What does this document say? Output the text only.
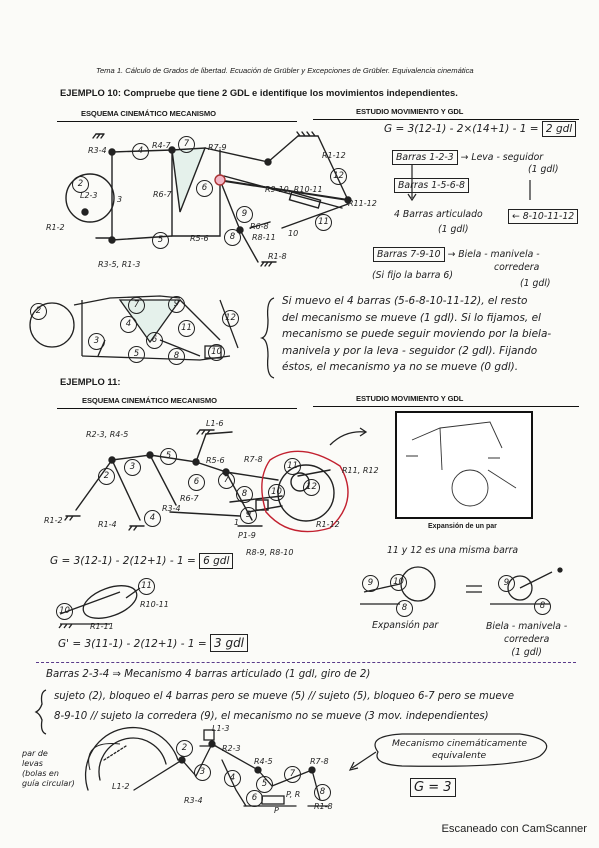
Tema 1. Cálculo de Grados de libertad. Ecuación de Grübler y Excepciones de Grübler. Equivalencia cinemática
EJEMPLO 10: Compruebe que tiene 2 GDL e identifique los movimientos independientes.
ESQUEMA CINEMÁTICO MECANISMO	ESTUDIO MOVIMIENTO Y GDL
R3-4	4
R4-7	7	R7-9
R1-12
12
2
L2-3 3
R6-7
6	R9-10, R10-11
R11-12
R1-2
5	R5-6
R6-8
R8-11
8	10
11
R3-5, R1-3
R1-8
9
G = 3(12-1) - 2×(14+1) - 1 = 2 gdl
Barras 1-2-3 → Leva - seguidor
(1 gdl)
Barras 1-5-6-8
4 Barras articulado	← 8-10-11-12
(1 gdl)
Barras 7-9-10 → Biela - manivela -
corredera
(Si fijo la barra 6)
(1 gdl)
2
3
4
5
6
7
8
9
10
11
12
Si muevo el 4 barras (5-6-8-10-11-12), el resto
del mecanismo se mueve (1 gdl). Si lo fijamos, el
mecanismo se puede seguir moviendo por la biela-
manivela y por la leva - seguidor (2 gdl). Fijando
éstos, el mecanismo ya no se mueve (0 gdl).
EJEMPLO 11:
ESQUEMA CINEMÁTICO MECANISMO	ESTUDIO MOVIMIENTO Y GDL
R2-3, R4-5
L1-6
3
5	R5-6 R7-8
11	R11, R12
2
6	12
4
R6-7
R3-4
R1-2	R1-4
P1-9
R1-12
R8-9, R8-10
7
8
9
10
1	Expansión de un par
11 y 12 es una misma barra
9	10
8
9
8
Expansión par	Biela - manivela -
corredera
(1 gdl)
G = 3(12-1) - 2(12+1) - 1 = 6 gdl
11
10
R10-11
R1-11
G' = 3(11-1) - 2(12+1) - 1 = 3 gdl
Barras 2-3-4 ⇒ Mecanismo 4 barras articulado (1 gdl, giro de 2)
sujeto (2), bloqueo el 4 barras pero se mueve (5) // sujeto (5), bloqueo 6-7 pero se mueve
8-9-10 // sujeto la corredera (9), el mecanismo no se mueve (3 mov. independientes)
par de
levas
(bolas en
guía circular)
L1-3
R2-3
R4-5	R7-8
R3-4	6	P, R
R1-8
L1-2
2
3
4
5
7
8
P
Mecanismo cinemáticamente
equivalente
G = 3
Escaneado con CamScanner
